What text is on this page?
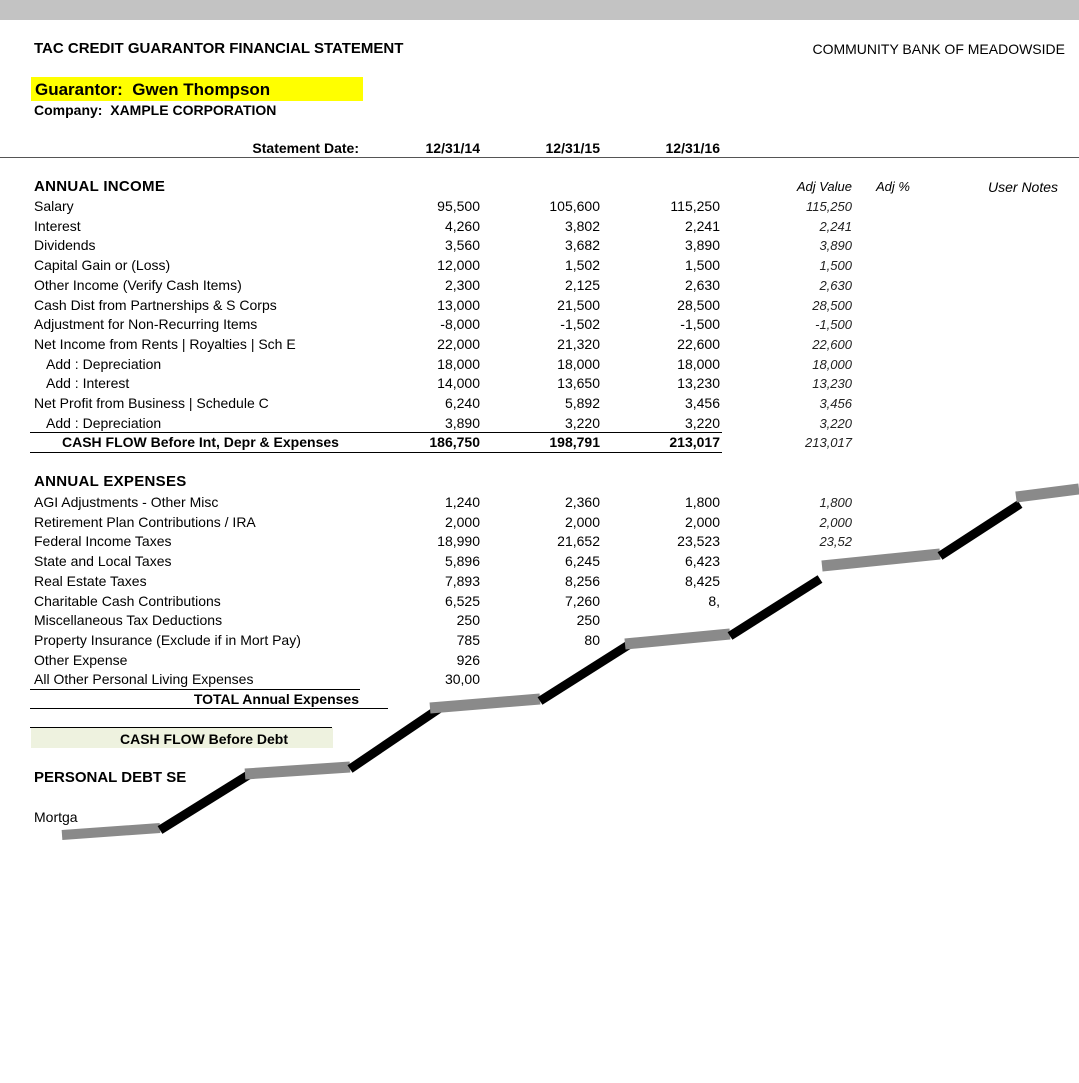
TAC CREDIT GUARANTOR FINANCIAL STATEMENT	COMMUNITY BANK OF MEADOWSIDE
Guarantor:  Gwen Thompson
Company:  XAMPLE CORPORATION
Statement Date:	12/31/14	12/31/15	12/31/16
ANNUAL INCOME	Adj Value Adj %	User Notes
Salary	95,500	105,600	115,250	115,250
Interest	4,260	3,802	2,241	2,241
Dividends	3,560	3,682	3,890	3,890
Capital Gain or (Loss)	12,000	1,502	1,500	1,500
Other Income (Verify Cash Items)	2,300	2,125	2,630	2,630
Cash Dist from Partnerships & S Corps	13,000	21,500	28,500	28,500
Adjustment for Non-Recurring Items	-8,000	-1,502	-1,500	-1,500
Net Income from Rents | Royalties | Sch E	22,000	21,320	22,600	22,600
Add : Depreciation	18,000	18,000	18,000	18,000
Add : Interest	14,000	13,650	13,230	13,230
Net Profit from Business | Schedule C	6,240	5,892	3,456	3,456
Add : Depreciation	3,890	3,220	3,220	3,220
CASH FLOW Before Int, Depr & Expenses	186,750	198,791	213,017	213,017
ANNUAL EXPENSES
AGI Adjustments - Other Misc	1,240	2,360	1,800	1,800
Retirement Plan Contributions / IRA	2,000	2,000	2,000	2,000
Federal Income Taxes	18,990	21,652	23,523	23,52
State and Local Taxes	5,896	6,245	6,423
Real Estate Taxes	7,893	8,256	8,425
Charitable Cash Contributions	6,525	7,260	8,
Miscellaneous Tax Deductions	250	250
Property Insurance (Exclude if in Mort Pay)	785	80
Other Expense	926
All Other Personal Living Expenses	30,00
TOTAL Annual Expenses
CASH FLOW Before Debt
PERSONAL DEBT SE
Mortga
